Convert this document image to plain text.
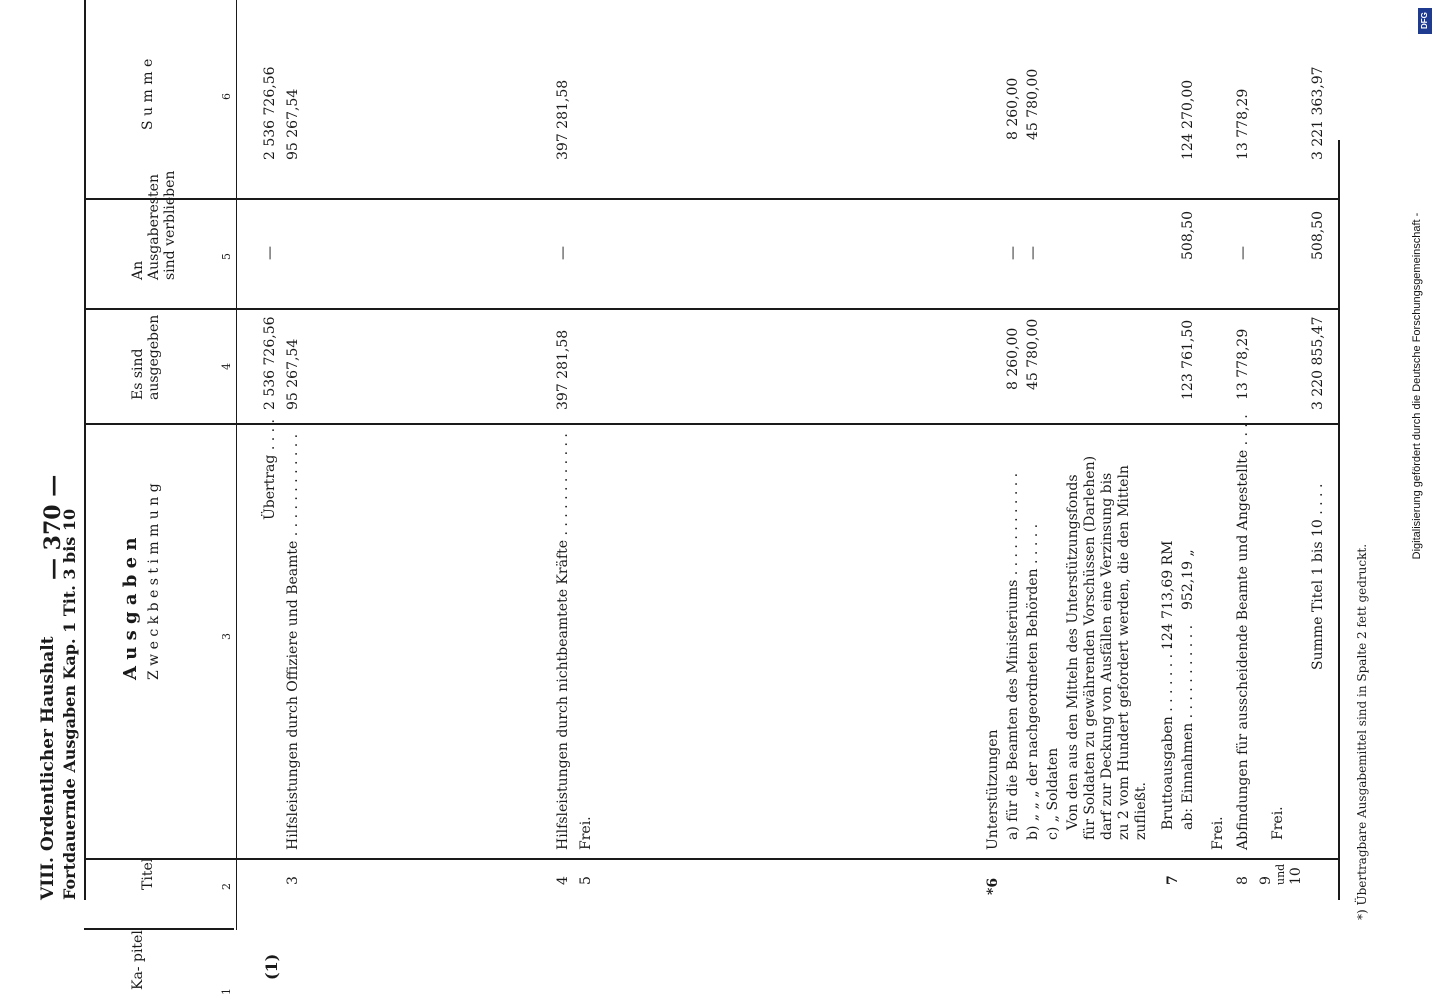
VIII. Ordentlicher Haushalt Fortdauernde Ausgaben Kap. 1 Tit. 3 bis 10
— 370 —
Ka- pitel
Titel
A u s g a b e n Z w e c k b e s t i m m u n g
Es sind
ausgegeben
An
Ausgaberesten
sind verblieben
S u m m e
1
2
3
4
5
6
(1)
Übertrag . . . .
2 536 726,56
—
2 536 726,56
3
Hilfsleistungen durch Offiziere und Beamte . . . . . . . . . . . .
95 267,54
95 267,54
4
Hilfsleistungen durch nichtbeamtete Kräfte . . . . . . . . . . . .
397 281,58
—
397 281,58
5
Frei.
*6
Unterstützungen a) für die Beamten des Ministeriums . . . . . . . . . . . . b) „ „ „ der nachgeordneten Behörden . . . . . c) „ Soldaten
8 260,00 45 780,00
— —
8 260,00 45 780,00
Von den aus den Mitteln des Unterstützungsfonds für Soldaten zu gewährenden Vorschüssen (Darlehen) darf zur Deckung von Ausfällen eine Verzinsung bis zu 2 vom Hundert gefordert werden, die den Mitteln zufließt.
7
Bruttoausgaben . . . . . . . . .
124 713,69 RM
ab: Einnahmen . . . . . . . . . . .
952,19 „
Frei.
123 761,50
508,50
124 270,00
8
Abfindungen für ausscheidende Beamte und Angestellte . . . .
13 778,29
—
13 778,29
9 und 10
Frei.
Summe Titel 1 bis 10 . . . .
3 220 855,47
508,50
3 221 363,97
*) Übertragbare Ausgabemittel sind in Spalte 2 fett gedruckt.
Digitalisierung gefördert durch die Deutsche Forschungsgemeinschaft -
DFG
